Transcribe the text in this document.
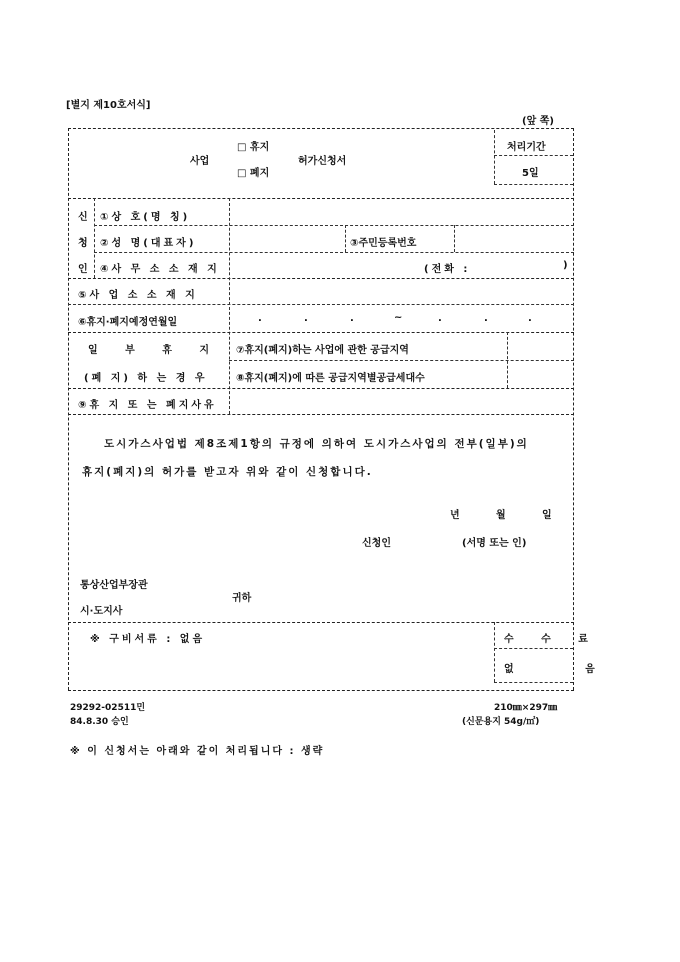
[별지 제10호서식]
(앞 쪽)
사업
□ 휴지
□ 폐지
허가신청서
처리기간
5일
신
청
인
①상 호(명 칭)
②성 명(대표자)	③주민등록번호
④사 무 소 소 재 지	(전화 :	)
⑤사 업 소 소 재 지
⑥휴지·폐지예정연월일	.	.	.	~	.	.	.
일 부 휴 지
(폐 지) 하 는 경 우
⑦휴지(폐지)하는 사업에 관한 공급지역
⑧휴지(폐지)에 따른 공급지역별공급세대수
⑨휴 지 또 는 폐지사유
도시가스사업법 제8조제1항의 규정에 의하여 도시가스사업의 전부(일부)의
휴지(폐지)의 허가를 받고자 위와 같이 신청합니다.
년	월	일
신청인	(서명 또는 인)
통상산업부장관
귀하
시·도지사
※ 구비서류 : 없음	수 수 료
없 음
29292-02511민
84.8.30 승인
210㎜×297㎜
(신문용지 54g/㎡)
※ 이 신청서는 아래와 같이 처리됩니다 : 생략
